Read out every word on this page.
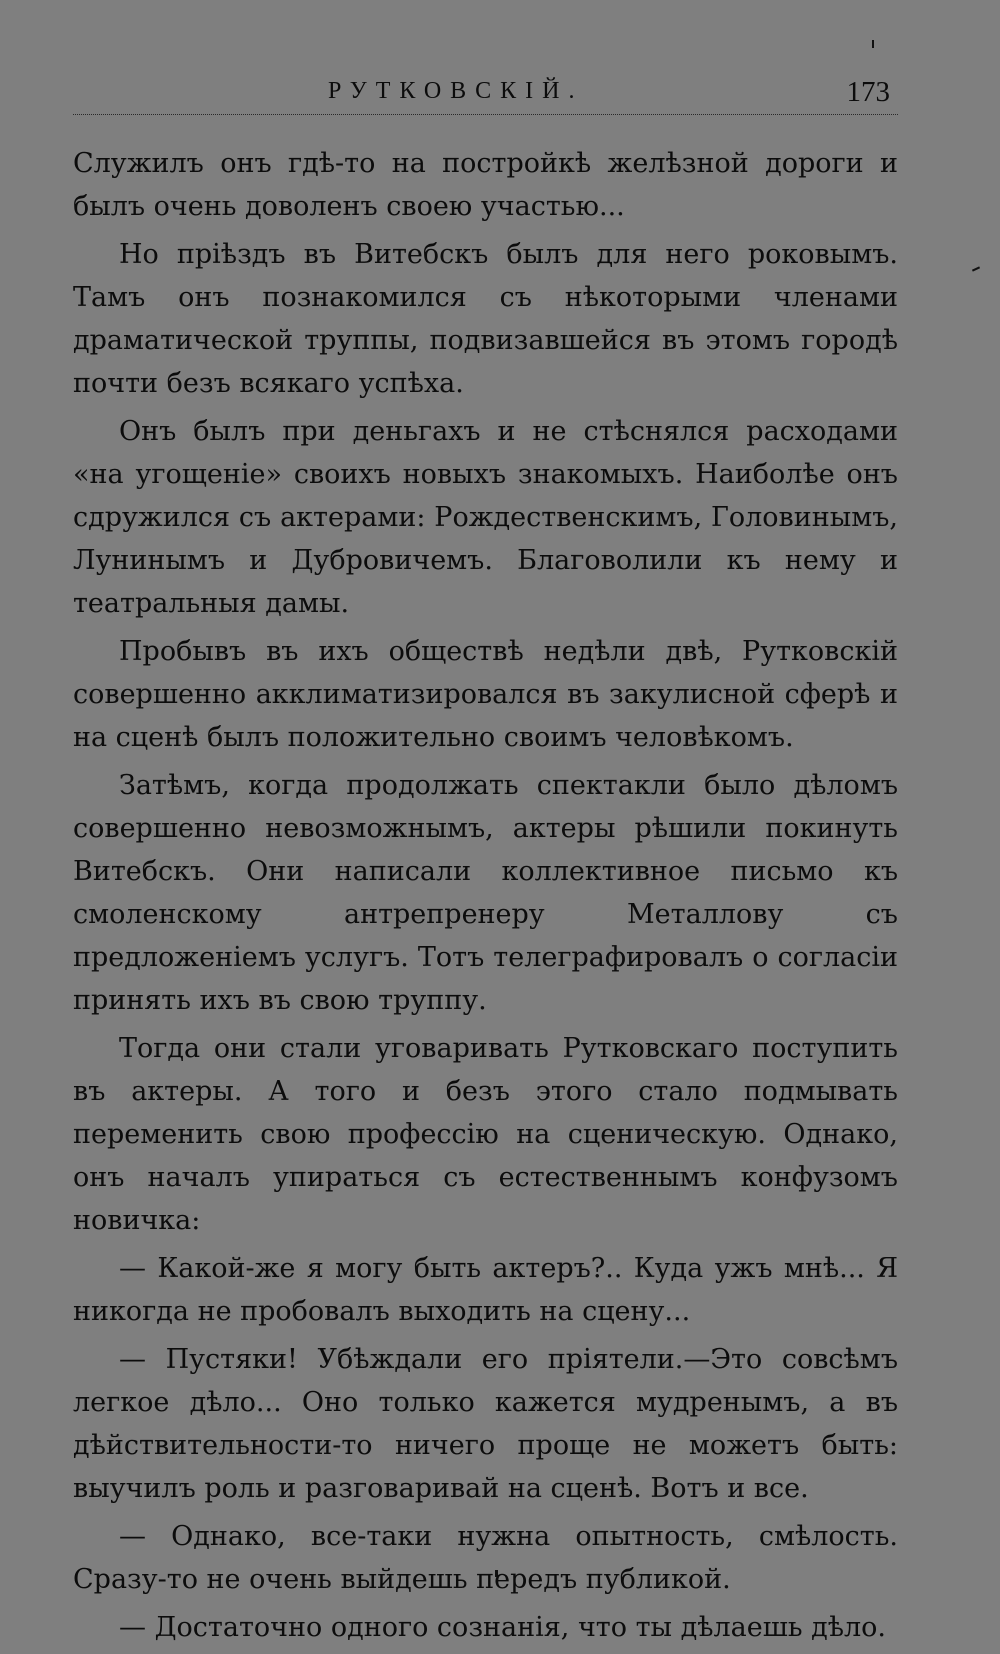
РУТКОВСКІЙ.	173

Служилъ онъ гдѣ-то на постройкѣ желѣзной дороги и былъ очень доволенъ своею участью...

Но пріѣздъ въ Витебскъ былъ для него роковымъ. Тамъ онъ познакомился съ нѣкоторыми членами драматической труппы, подвизавшейся въ этомъ городѣ почти безъ всякаго успѣха.

Онъ былъ при деньгахъ и не стѣснялся расходами «на угощеніе» своихъ новыхъ знакомыхъ. Наиболѣе онъ сдружился съ актерами: Рождественскимъ, Головинымъ, Лунинымъ и Дубровичемъ. Благоволили къ нему и театральныя дамы.

Пробывъ въ ихъ обществѣ недѣли двѣ, Рутковскій совершенно акклиматизировался въ закулисной сферѣ и на сценѣ былъ положительно своимъ человѣкомъ.

Затѣмъ, когда продолжать спектакли было дѣломъ совершенно невозможнымъ, актеры рѣшили покинуть Витебскъ. Они написали коллективное письмо къ смоленскому антрепренеру Металлову съ предложеніемъ услугъ. Тотъ телеграфировалъ о согласіи принять ихъ въ свою труппу.

Тогда они стали уговаривать Рутковскаго поступить въ актеры. А того и безъ этого стало подмывать переменить свою профессію на сценическую. Однако, онъ началъ упираться съ естественнымъ конфузомъ новичка:

— Какой-же я могу быть актеръ?.. Куда ужъ мнѣ... Я никогда не пробовалъ выходить на сцену...

— Пустяки! Убѣждали его пріятели.—Это совсѣмъ легкое дѣло... Оно только кажется мудренымъ, а въ дѣйствительности-то ничего проще не можетъ быть: выучилъ роль и разговаривай на сценѣ. Вотъ и все.

— Однако, все-таки нужна опытность, смѣлость. Сразу-то не очень выйдешь передъ публикой.

— Достаточно одного сознанія, что ты дѣлаешь дѣло.
